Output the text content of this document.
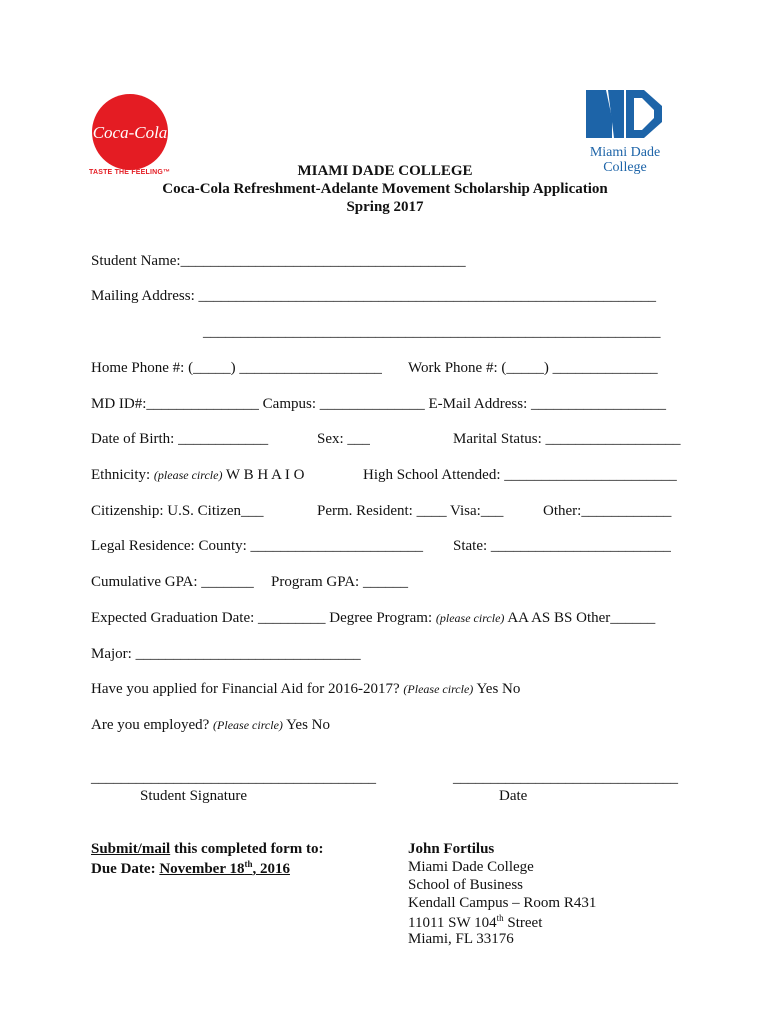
Coca-Cola
TASTE THE FEELING™
Miami Dade
College
MIAMI DADE COLLEGE
Coca-Cola Refreshment-Adelante Movement Scholarship Application
Spring 2017
Student Name:______________________________________
Mailing Address: _____________________________________________________________
_____________________________________________________________
Home Phone #: (_____) ___________________ Work Phone #: (_____) ______________
MD ID#:_______________ Campus: ______________ E-Mail Address: __________________
Date of Birth: ____________	Sex: ___	Marital Status: __________________
Ethnicity: (please circle) W B H A I O	High School Attended: _______________________
Citizenship: U.S. Citizen___	Perm. Resident: ____ Visa:___	Other:____________
Legal Residence: County: _______________________ State: ________________________
Cumulative GPA: _______ Program GPA: ______
Expected Graduation Date: _________ Degree Program: (please circle) AA AS BS Other______
Major: ______________________________
Have you applied for Financial Aid for 2016-2017? (Please circle) Yes No
Are you employed? (Please circle) Yes No
______________________________________	______________________________
Student Signature	Date
Submit/mail this completed form to:
Due Date: November 18th, 2016
John Fortilus
Miami Dade College
School of Business
Kendall Campus – Room R431
11011 SW 104th Street
Miami, FL 33176
